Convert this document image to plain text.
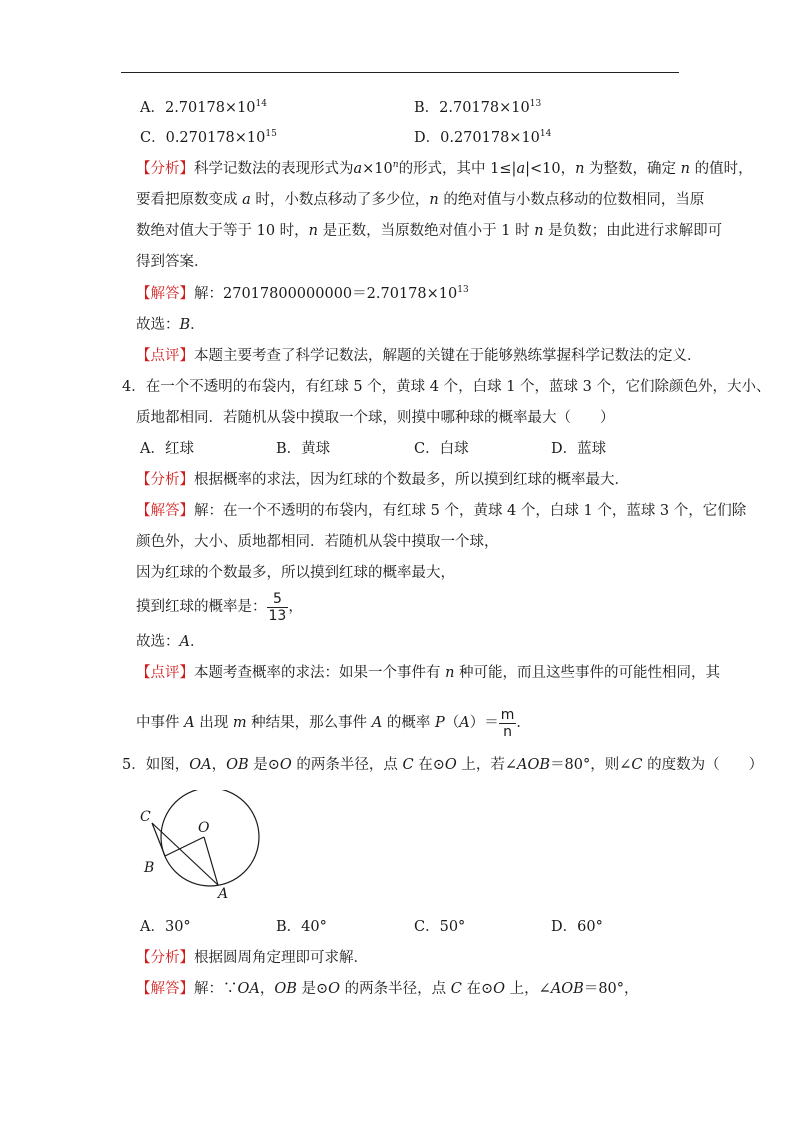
A．$2.70178\times 10^{14}$	B．$2.70178\times 10^{13}$
C．$0.270178\times 10^{15}$	D．$0.270178\times 10^{14}$
【分析】科学记数法的表现形式为$a\times 10^n$的形式，其中 1≤|a|<10，n 为整数，确定 n 的值时，
要看把原数变成 a 时，小数点移动了多少位，n 的绝对值与小数点移动的位数相同，当原
数绝对值大于等于 10 时，n 是正数，当原数绝对值小于 1 时 n 是负数；由此进行求解即可
得到答案．
【解答】解：$27017800000000=2.70178\times 10^{13}$
故选：B．
【点评】本题主要考查了科学记数法，解题的关键在于能够熟练掌握科学记数法的定义．
4．在一个不透明的布袋内，有红球 5 个，黄球 4 个，白球 1 个，蓝球 3 个，它们除颜色外，大小、
质地都相同．若随机从袋中摸取一个球，则摸中哪种球的概率最大（　　）
A．红球	B．黄球	C．白球	D．蓝球
【分析】根据概率的求法，因为红球的个数最多，所以摸到红球的概率最大．
【解答】解：在一个不透明的布袋内，有红球 5 个，黄球 4 个，白球 1 个，蓝球 3 个，它们除
颜色外，大小、质地都相同．若随机从袋中摸取一个球，
因为红球的个数最多，所以摸到红球的概率最大，
摸到红球的概率是： $\frac{5}{13}$ ，
故选：A．
【点评】本题考查概率的求法：如果一个事件有 n 种可能，而且这些事件的可能性相同，其
中事件 A 出现 m 种结果，那么事件 A 的概率 $P(A)= \frac{m}{n}$ ．
5．如图，OA，OB 是⊙O 的两条半径，点 C 在⊙O 上，若∠AOB＝80°，则∠C 的度数为（　　）
C
O
B
A
A．30°	B．40°	C．50°	D．60°
【分析】根据圆周角定理即可求解．
【解答】解：∵OA，OB 是⊙O 的两条半径，点 C 在⊙O 上，∠AOB＝80°，
